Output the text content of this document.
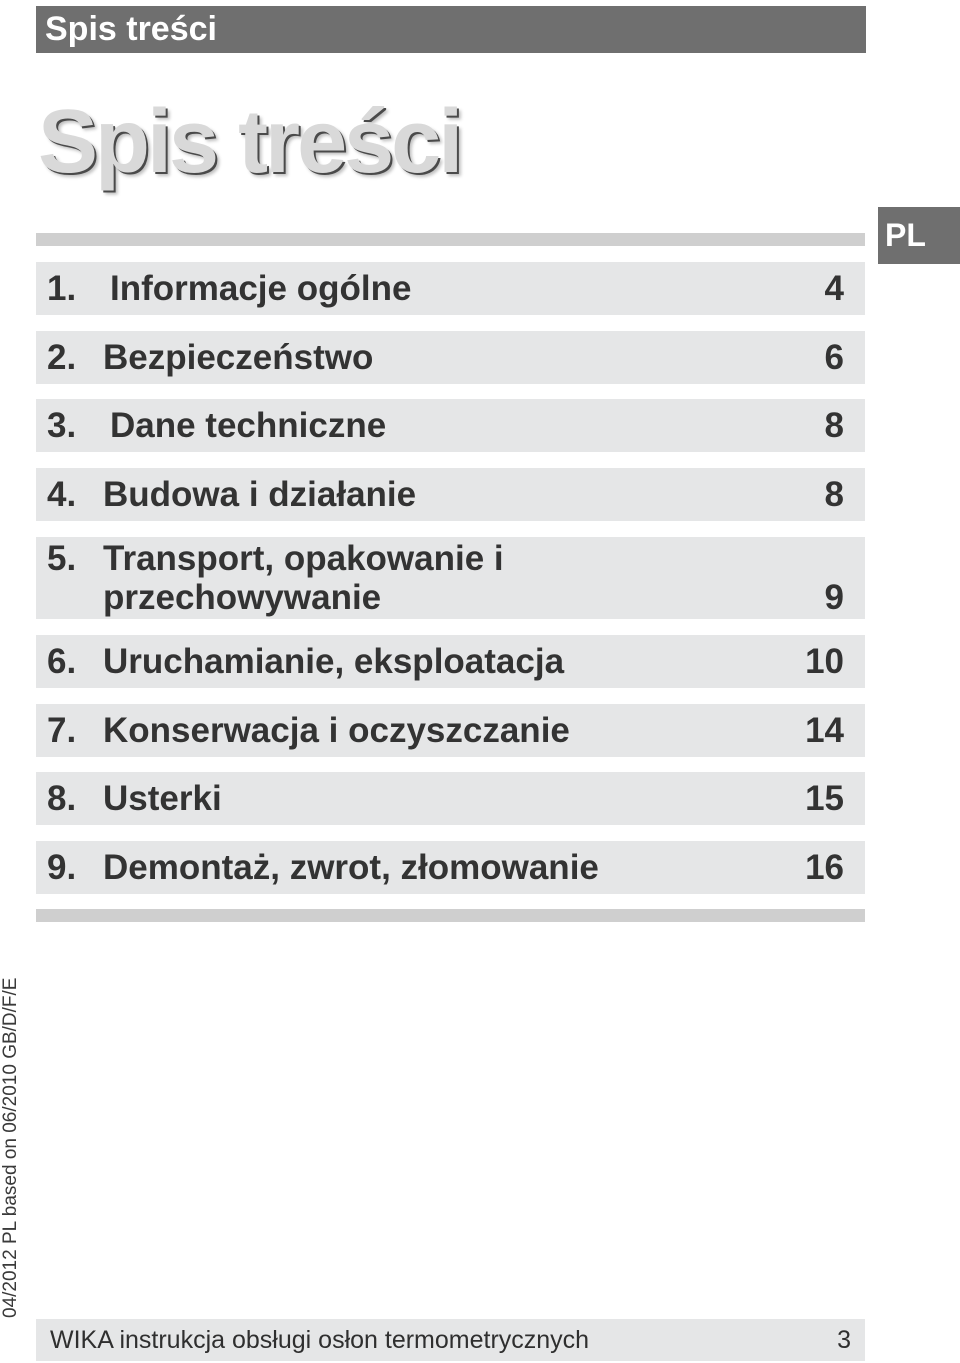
Spis treści
Spis treści
PL
1. Informacje ogólne	4
2. Bezpieczeństwo	6
3. Dane techniczne	8
4. Budowa i działanie	8
5. Transport, opakowanie i
przechowywanie	9
6. Uruchamianie, eksploatacja	10
7. Konserwacja i oczyszczanie	14
8. Usterki	15
9. Demontaż, zwrot, złomowanie	16
04/2012 PL based on 06/2010 GB/D/F/E
WIKA instrukcja obsługi osłon termometrycznych	3
